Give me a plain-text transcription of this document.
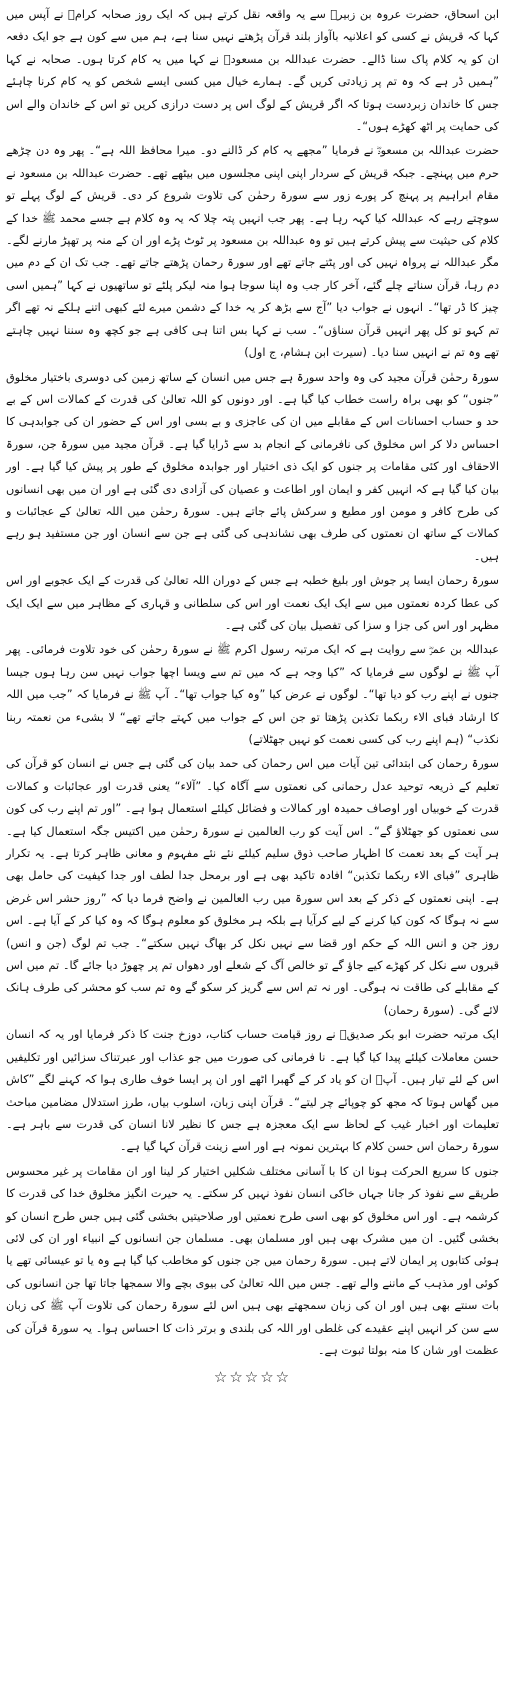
ابن اسحاق، حضرت عروہ بن زبیرؓ سے یہ واقعہ نقل کرتے ہیں کہ ایک روز صحابہ کرامؓ نے آپس میں کہا کہ قریش نے کسی کو اعلانیہ باآواز بلند قرآن پڑھتے نہیں سنا ہے، ہم میں سے کون ہے جو ایک دفعہ ان کو یہ کلام پاک سنا ڈالے۔ حضرت عبداللہ بن مسعودؓ نے کہا میں یہ کام کرتا ہوں۔ صحابہ نے کہا ”ہمیں ڈر ہے کہ وہ تم پر زیادتی کریں گے۔ ہمارے خیال میں کسی ایسے شخص کو یہ کام کرنا چاہئے جس کا خاندان زبردست ہوتا کہ اگر قریش کے لوگ اس پر دست درازی کریں تو اس کے خاندان والے اس کی حمایت پر اٹھ کھڑے ہوں“۔

حضرت عبداللہ بن مسعودؓ نے فرمایا ”مجھے یہ کام کر ڈالنے دو۔ میرا محافظ اللہ ہے“۔ پھر وہ دن چڑھے حرم میں پہنچے۔ جبکہ قریش کے سردار اپنی اپنی مجلسوں میں بیٹھے تھے۔ حضرت عبداللہ بن مسعود نے مقام ابراہیم پر پہنچ کر پورے زور سے سورۃ رحمٰن کی تلاوت شروع کر دی۔ قریش کے لوگ پہلے تو سوچتے رہے کہ عبداللہ کیا کہہ رہا ہے۔ پھر جب انہیں پتہ چلا کہ یہ وہ کلام ہے جسے محمد ﷺ خدا کے کلام کی حیثیت سے پیش کرتے ہیں تو وہ عبداللہ بن مسعود پر ٹوٹ پڑے اور ان کے منہ پر تھپڑ مارنے لگے۔ مگر عبداللہ نے پرواہ نہیں کی اور پٹتے جاتے تھے اور سورۃ رحمان پڑھتے جاتے تھے۔ جب تک ان کے دم میں دم رہا، قرآن سناتے چلے گئے، آخر کار جب وہ اپنا سوجا ہوا منہ لیکر پلٹے تو ساتھیوں نے کہا ”ہمیں اسی چیز کا ڈر تھا“۔ انہوں نے جواب دیا ”آج سے بڑھ کر یہ خدا کے دشمن میرے لئے کبھی اتنے ہلکے نہ تھے اگر تم کہو تو کل پھر انہیں قرآن سناؤں“۔ سب نے کہا بس اتنا ہی کافی ہے جو کچھ وہ سننا نہیں چاہتے تھے وہ تم نے انہیں سنا دیا۔ (سیرت ابن ہشام، ج اول)

سورۃ رحمٰن قرآن مجید کی وہ واحد سورۃ ہے جس میں انسان کے ساتھ زمین کی دوسری باختیار مخلوق ”جنوں“ کو بھی براہ راست خطاب کیا گیا ہے۔ اور دونوں کو اللہ تعالیٰ کی قدرت کے کمالات اس کے بے حد و حساب احسانات اس کے مقابلے میں ان کی عاجزی و بے بسی اور اس کے حضور ان کی جوابدہی کا احساس دلا کر اس مخلوق کی نافرمانی کے انجام بد سے ڈرایا گیا ہے۔ قرآن مجید میں سورۃ جن، سورۃ الاحقاف اور کئی مقامات پر جنوں کو ایک ذی اختیار اور جوابدہ مخلوق کے طور پر پیش کیا گیا ہے۔ اور بیان کیا گیا ہے کہ انہیں کفر و ایمان اور اطاعت و عصیان کی آزادی دی گئی ہے اور ان میں بھی انسانوں کی طرح کافر و مومن اور مطیع و سرکش پائے جاتے ہیں۔ سورۃ رحمٰن میں اللہ تعالیٰ کے عجائبات و کمالات کے ساتھ ان نعمتوں کی طرف بھی نشاندہی کی گئی ہے جن سے انسان اور جن مستفید ہو رہے ہیں۔

سورۃ رحمان ایسا پر جوش اور بلیغ خطبہ ہے جس کے دوران اللہ تعالیٰ کی قدرت کے ایک عجوبے اور اس کی عطا کردہ نعمتوں میں سے ایک ایک نعمت اور اس کی سلطانی و قہاری کے مظاہر میں سے ایک ایک مظہر اور اس کی جزا و سزا کی تفصیل بیان کی گئی ہے۔

عبداللہ بن عمرؓ سے روایت ہے کہ ایک مرتبہ رسول اکرم ﷺ نے سورۃ رحمٰن کی خود تلاوت فرمائی۔ پھر آپ ﷺ نے لوگوں سے فرمایا کہ ”کیا وجہ ہے کہ میں تم سے ویسا اچھا جواب نہیں سن رہا ہوں جیسا جنوں نے اپنے رب کو دیا تھا“۔ لوگوں نے عرض کیا ”وہ کیا جواب تھا“۔ آپ ﷺ نے فرمایا کہ ”جب میں اللہ کا ارشاد فبای الاء ربکما تکذبن پڑھتا تو جن اس کے جواب میں کہتے جاتے تھے“ لا بشیء من نعمتہ ربنا نکذب“ (ہم اپنے رب کی کسی نعمت کو نہیں جھٹلاتے)

سورۃ رحمان کی ابتدائی تین آیات میں اس رحمان کی حمد بیان کی گئی ہے جس نے انسان کو قرآن کی تعلیم کے ذریعہ توحید عدل رحمانی کی نعمتوں سے آگاہ کیا۔ ”آلاء“ یعنی قدرت اور عجائبات و کمالات قدرت کے خوبیاں اور اوصاف حمیدہ اور کمالات و فضائل کیلئے استعمال ہوا ہے۔ ”اور تم اپنے رب کی کون سی نعمتوں کو جھٹلاؤ گے“۔ اس آیت کو رب العالمین نے سورۃ رحمٰن میں اکتیس جگہ استعمال کیا ہے۔ ہر آیت کے بعد نعمت کا اظہار صاحب ذوق سلیم کیلئے نئے نئے مفہوم و معانی ظاہر کرتا ہے۔ یہ تکرار ظاہری ”فبای الاء ربکما تکذبن“ افادہ تاکید بھی ہے اور برمحل جدا لطف اور جدا کیفیت کی حامل بھی ہے۔ اپنی نعمتوں کے ذکر کے بعد اس سورۃ میں رب العالمین نے واضح فرما دیا کہ ”روز حشر اس غرض سے نہ ہوگا کہ کون کیا کرنے کے لیے کرآیا ہے بلکہ ہر مخلوق کو معلوم ہوگا کہ وہ کیا کر کے آیا ہے۔ اس روز جن و انس اللہ کے حکم اور قضا سے نہیں نکل کر بھاگ نہیں سکتے“۔ جب تم لوگ (جن و انس) قبروں سے نکل کر کھڑے کیے جاؤ گے تو خالص آگ کے شعلے اور دھواں تم پر چھوڑ دیا جائے گا۔ تم میں اس کے مقابلے کی طاقت نہ ہوگی۔ اور نہ تم اس سے گریز کر سکو گے وہ تم سب کو محشر کی طرف ہانک لائے گی۔ (سورۃ رحمان)

ایک مرتبہ حضرت ابو بکر صدیقؓ نے روز قیامت حساب کتاب، دوزخ جنت کا ذکر فرمایا اور یہ کہ انسان حسن معاملات کیلئے پیدا کیا گیا ہے۔ نا فرمانی کی صورت میں جو عذاب اور عبرتناک سزائیں اور تکلیفیں اس کے لئے تیار ہیں۔ آپؓ ان کو یاد کر کے گھبرا اٹھے اور ان پر ایسا خوف طاری ہوا کہ کہنے لگے ”کاش میں گھاس ہوتا کہ مجھ کو چوپائے چر لیتے“۔ قرآن اپنی زبان، اسلوب بیاں، طرز استدلال مضامین مباحث تعلیمات اور اخبار غیب کے لحاظ سے ایک معجزہ ہے جس کا نظیر لانا انسان کی قدرت سے باہر ہے۔ سورۃ رحمان اس حسن کلام کا بہترین نمونہ ہے اور اسے زینت قرآن کہا گیا ہے۔

جنوں کا سریع الحرکت ہونا ان کا با آسانی مختلف شکلیں اختیار کر لینا اور ان مقامات پر غیر محسوس طریقے سے نفوذ کر جانا جہاں خاکی انسان نفوذ نہیں کر سکتے۔ یہ حیرت انگیز مخلوق خدا کی قدرت کا کرشمہ ہے۔ اور اس مخلوق کو بھی اسی طرح نعمتیں اور صلاحیتیں بخشی گئی ہیں جس طرح انسان کو بخشی گئیں۔ ان میں مشرک بھی ہیں اور مسلمان بھی۔ مسلمان جن انسانوں کے انبیاء اور ان کی لائی ہوئی کتابوں پر ایمان لاتے ہیں۔ سورۃ رحمان میں جن جنوں کو مخاطب کیا گیا ہے وہ یا تو عیسائی تھے یا کوئی اور مذہب کے ماننے والے تھے۔ جس میں اللہ تعالیٰ کی بیوی بچے والا سمجھا جاتا تھا جن انسانوں کی بات سنتے بھی ہیں اور ان کی زبان سمجھتے بھی ہیں اس لئے سورۃ رحمان کی تلاوت آپ ﷺ کی زبان سے سن کر انہیں اپنے عقیدے کی غلطی اور اللہ کی بلندی و برتر ذات کا احساس ہوا۔ یہ سورۃ قرآن کی عظمت اور شان کا منہ بولتا ثبوت ہے۔

☆☆☆☆☆
